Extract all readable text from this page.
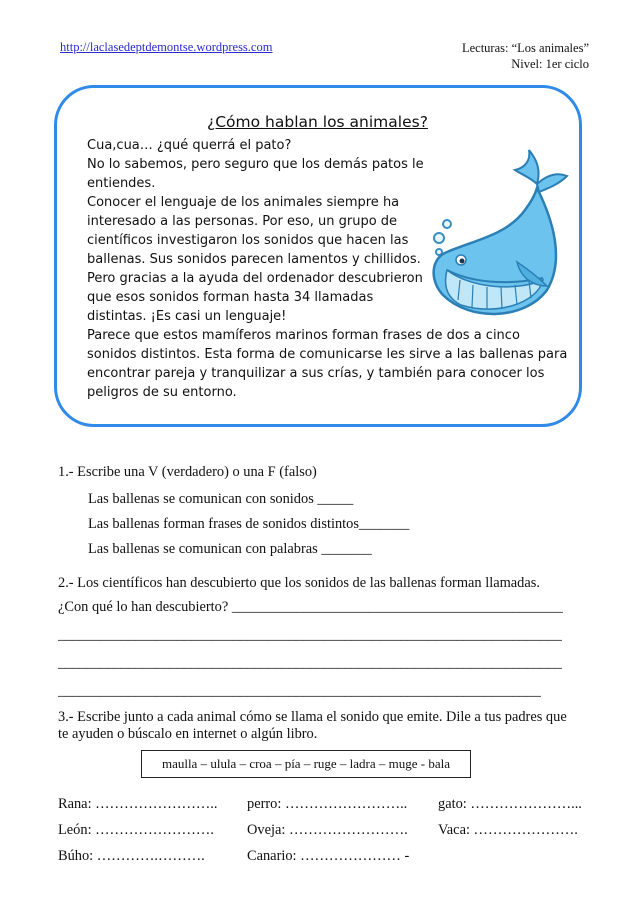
http://laclasedeptdemontse.wordpress.com	Lecturas: “Los animales”
Nivel: 1er ciclo
¿Cómo hablan los animales?
Cua,cua… ¿qué querrá el pato?
No lo sabemos, pero seguro que los demás patos le
entiendes.
Conocer el lenguaje de los animales siempre ha
interesado a las personas. Por eso, un grupo de
científicos investigaron los sonidos que hacen las
ballenas. Sus sonidos parecen lamentos y chillidos.
Pero gracias a la ayuda del ordenador descubrieron
que esos sonidos forman hasta 34 llamadas
distintas. ¡Es casi un lenguaje!
Parece que estos mamíferos marinos forman frases de dos a cinco
sonidos distintos. Esta forma de comunicarse les sirve a las ballenas para
encontrar pareja y tranquilizar a sus crías, y también para conocer los
peligros de su entorno.
1.- Escribe una V (verdadero) o una F (falso)
Las ballenas se comunican con sonidos _____
Las ballenas forman frases de sonidos distintos_______
Las ballenas se comunican con palabras _______
2.- Los científicos han descubierto que los sonidos de las ballenas forman llamadas.
¿Con qué lo han descubierto? ______________________________________________
________________________________________________________________________
________________________________________________________________________
_____________________________________________________________________
3.- Escribe junto a cada animal cómo se llama el sonido que emite. Dile a tus padres que
te ayuden o búscalo en internet o algún libro.
maulla – ulula – croa – pía – ruge – ladra – muge - bala
Rana: …………………….. perro: …………………….. gato: …………………...
León: ……………………. Oveja: ……………………. Vaca: ………………….
Búho: ………….……….	Canario: ………………… -
